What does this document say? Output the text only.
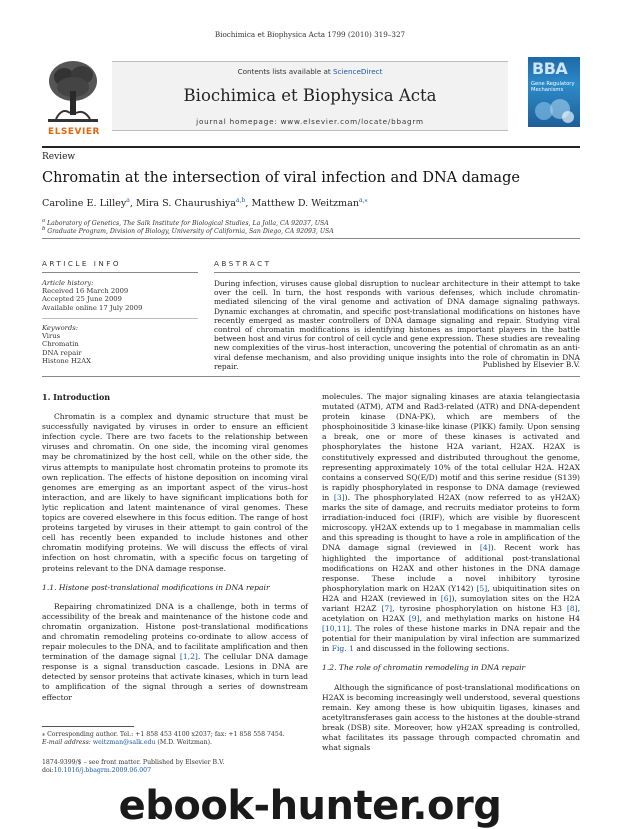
Biochimica et Biophysica Acta 1799 (2010) 319–327
ELSEVIER
Contents lists available at ScienceDirect
Biochimica et Biophysica Acta
journal homepage: www.elsevier.com/locate/bbagrm
BBA
Gene Regulatory Mechanisms
Review
Chromatin at the intersection of viral infection and DNA damage
Caroline E. Lilley$^a$, Mira S. Chaurushiya$^{a,b}$, Matthew D. Weitzman$^{a,⁎}$
$^a$ Laboratory of Genetics, The Salk Institute for Biological Studies, La Jolla, CA 92037, USA
$^b$ Graduate Program, Division of Biology, University of California, San Diego, CA 92093, USA
ARTICLE INFO	ABSTRACT
Article history:
Received 16 March 2009
Accepted 25 June 2009
Available online 17 July 2009
Keywords:
Virus
Chromatin
DNA repair
Histone H2AX
During infection, viruses cause global disruption to nuclear architecture in their attempt to take over the cell. In turn, the host responds with various defenses, which include chromatin-mediated silencing of the viral genome and activation of DNA damage signaling pathways. Dynamic exchanges at chromatin, and specific post-translational modifications on histones have recently emerged as master controllers of DNA damage signaling and repair. Studying viral control of chromatin modifications is identifying histones as important players in the battle between host and virus for control of cell cycle and gene expression. These studies are revealing new complexities of the virus–host interaction, uncovering the potential of chromatin as an anti-viral defense mechanism, and also providing unique insights into the role of chromatin in DNA repair.	Published by Elsevier B.V.
1. Introduction

Chromatin is a complex and dynamic structure that must be successfully navigated by viruses in order to ensure an efficient infection cycle. There are two facets to the relationship between viruses and chromatin. On one side, the incoming viral genomes may be chromatinized by the host cell, while on the other side, the virus attempts to manipulate host chromatin proteins to promote its own replication. The effects of histone deposition on incoming viral genomes are emerging as an important aspect of the virus–host interaction, and are likely to have significant implications both for lytic replication and latent maintenance of viral genomes. These topics are covered elsewhere in this focus edition. The range of host proteins targeted by viruses in their attempt to gain control of the cell has recently been expanded to include histones and other chromatin modifying proteins. We will discuss the effects of viral infection on host chromatin, with a specific focus on targeting of proteins relevant to the DNA damage response.

1.1. Histone post-translational modifications in DNA repair

Repairing chromatinized DNA is a challenge, both in terms of accessibility of the break and maintenance of the histone code and chromatin organization. Histone post-translational modifications and chromatin remodeling proteins co-ordinate to allow access of repair molecules to the DNA, and to facilitate amplification and then termination of the damage signal [1,2]. The cellular DNA damage response is a signal transduction cascade. Lesions in DNA are detected by sensor proteins that activate kinases, which in turn lead to amplification of the signal through a series of downstream effector

molecules. The major signaling kinases are ataxia telangiectasia mutated (ATM), ATM and Rad3-related (ATR) and DNA-dependent protein kinase (DNA-PK), which are members of the phosphoinositide 3 kinase-like kinase (PIKK) family. Upon sensing a break, one or more of these kinases is activated and phosphorylates the histone H2A variant, H2AX. H2AX is constitutively expressed and distributed throughout the genome, representing approximately 10% of the total cellular H2A. H2AX contains a conserved SQ(E/D) motif and this serine residue (S139) is rapidly phosphorylated in response to DNA damage (reviewed in [3]). The phosphorylated H2AX (now referred to as γH2AX) marks the site of damage, and recruits mediator proteins to form irradiation-induced foci (IRIF), which are visible by fluorescent microscopy. γH2AX extends up to 1 megabase in mammalian cells and this spreading is thought to have a role in amplification of the DNA damage signal (reviewed in [4]). Recent work has highlighted the importance of additional post-translational modifications on H2AX and other histones in the DNA damage response. These include a novel inhibitory tyrosine phosphorylation mark on H2AX (Y142) [5], ubiquitination sites on H2A and H2AX (reviewed in [6]), sumoylation sites on the H2A variant H2AZ [7], tyrosine phosphorylation on histone H3 [8], acetylation on H2AX [9], and methylation marks on histone H4 [10,11]. The roles of these histone marks in DNA repair and the potential for their manipulation by viral infection are summarized in Fig. 1 and discussed in the following sections.

1.2. The role of chromatin remodeling in DNA repair

Although the significance of post-translational modifications on H2AX is becoming increasingly well understood, several questions remain. Key among these is how ubiquitin ligases, kinases and acetyltransferases gain access to the histones at the double-strand break (DSB) site. Moreover, how γH2AX spreading is controlled, what facilitates its passage through compacted chromatin and what signals

⁎ Corresponding author. Tel.: +1 858 453 4100 x2037; fax: +1 858 558 7454.
E-mail address: weitzman@salk.edu (M.D. Weitzman).
1874-9399/$ – see front matter. Published by Elsevier B.V.
doi:10.1016/j.bbagrm.2009.06.007
ebook-hunter.org
